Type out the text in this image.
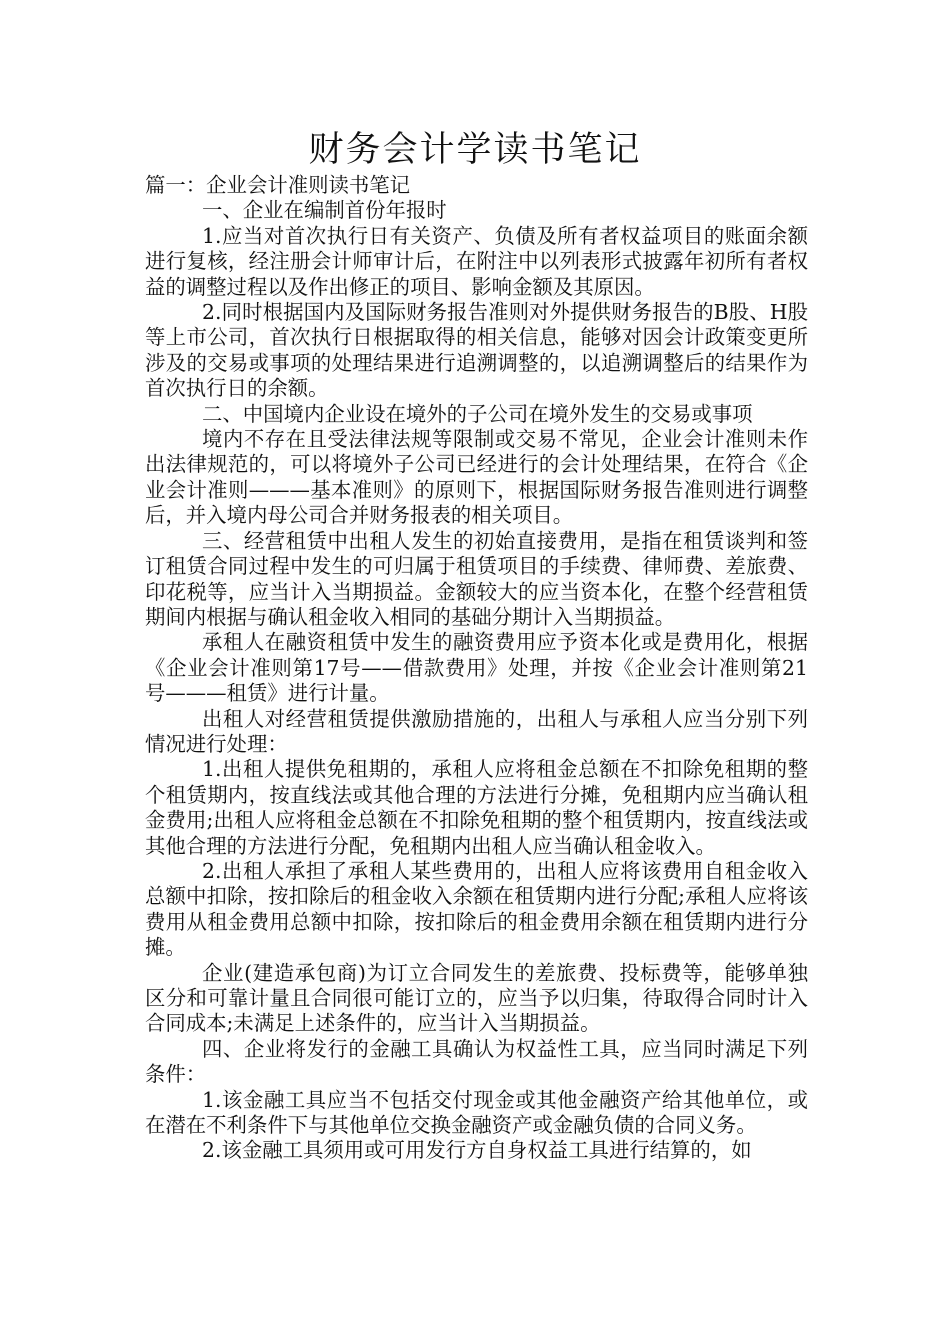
财务会计学读书笔记

篇一：企业会计准则读书笔记

一、企业在编制首份年报时

1.应当对首次执行日有关资产、负债及所有者权益项目的账面余额进行复核，经注册会计师审计后，在附注中以列表形式披露年初所有者权益的调整过程以及作出修正的项目、影响金额及其原因。

2.同时根据国内及国际财务报告准则对外提供财务报告的B股、H股等上市公司，首次执行日根据取得的相关信息，能够对因会计政策变更所涉及的交易或事项的处理结果进行追溯调整的，以追溯调整后的结果作为首次执行日的余额。

二、中国境内企业设在境外的子公司在境外发生的交易或事项

境内不存在且受法律法规等限制或交易不常见，企业会计准则未作出法律规范的，可以将境外子公司已经进行的会计处理结果，在符合《企业会计准则———基本准则》的原则下，根据国际财务报告准则进行调整后，并入境内母公司合并财务报表的相关项目。

三、经营租赁中出租人发生的初始直接费用，是指在租赁谈判和签订租赁合同过程中发生的可归属于租赁项目的手续费、律师费、差旅费、印花税等，应当计入当期损益。金额较大的应当资本化，在整个经营租赁期间内根据与确认租金收入相同的基础分期计入当期损益。

承租人在融资租赁中发生的融资费用应予资本化或是费用化，根据《企业会计准则第17号——借款费用》处理，并按《企业会计准则第21号———租赁》进行计量。

出租人对经营租赁提供激励措施的，出租人与承租人应当分别下列情况进行处理：

1.出租人提供免租期的，承租人应将租金总额在不扣除免租期的整个租赁期内，按直线法或其他合理的方法进行分摊，免租期内应当确认租金费用;出租人应将租金总额在不扣除免租期的整个租赁期内，按直线法或其他合理的方法进行分配，免租期内出租人应当确认租金收入。

2.出租人承担了承租人某些费用的，出租人应将该费用自租金收入总额中扣除，按扣除后的租金收入余额在租赁期内进行分配;承租人应将该费用从租金费用总额中扣除，按扣除后的租金费用余额在租赁期内进行分摊。

企业(建造承包商)为订立合同发生的差旅费、投标费等，能够单独区分和可靠计量且合同很可能订立的，应当予以归集，待取得合同时计入合同成本;未满足上述条件的，应当计入当期损益。

四、企业将发行的金融工具确认为权益性工具，应当同时满足下列条件：

1.该金融工具应当不包括交付现金或其他金融资产给其他单位，或在潜在不利条件下与其他单位交换金融资产或金融负债的合同义务。

2.该金融工具须用或可用发行方自身权益工具进行结算的，如
